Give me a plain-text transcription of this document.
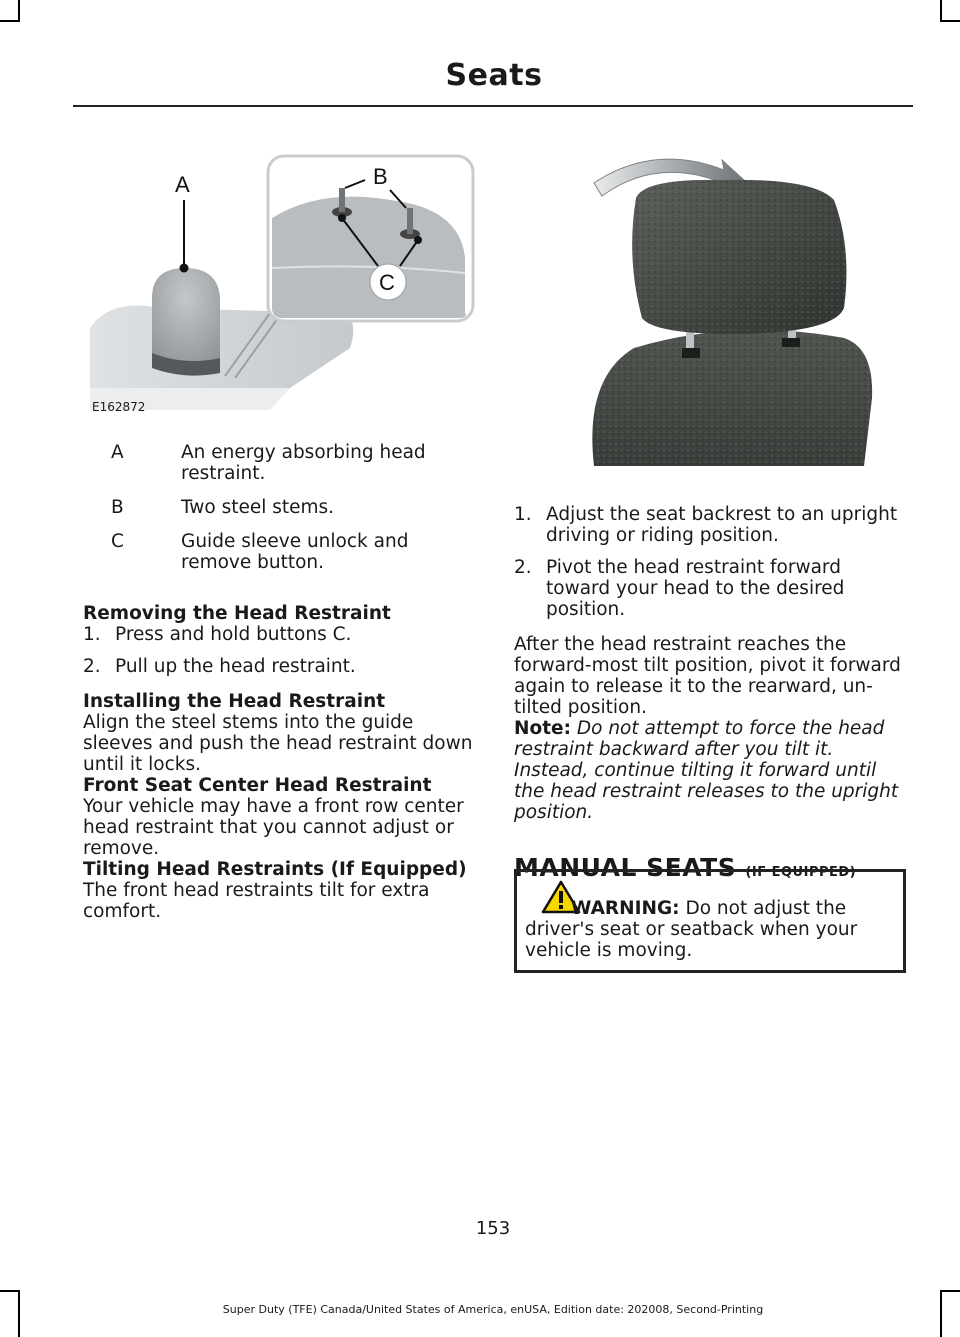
Seats
A	B
C
E162872
A	An energy absorbing head restraint.
B	Two steel stems.
C	Guide sleeve unlock and remove button.

Removing the Head Restraint

1. Press and hold buttons C.
2. Pull up the head restraint.

Installing the Head Restraint

Align the steel stems into the guide sleeves and push the head restraint down until it locks.

Front Seat Center Head Restraint

Your vehicle may have a front row center head restraint that you cannot adjust or remove.

Tilting Head Restraints (If Equipped)

The front head restraints tilt for extra comfort.

1. Adjust the seat backrest to an upright driving or riding position.
2. Pivot the head restraint forward toward your head to the desired position.

After the head restraint reaches the forward-most tilt position, pivot it forward again to release it to the rearward, un-tilted position.

Note: Do not attempt to force the head restraint backward after you tilt it. Instead, continue tilting it forward until the head restraint releases to the upright position.

MANUAL SEATS (IF EQUIPPED)

WARNING: Do not adjust the driver's seat or seatback when your vehicle is moving.
153
Super Duty (TFE) Canada/United States of America, enUSA, Edition date: 202008, Second-Printing
